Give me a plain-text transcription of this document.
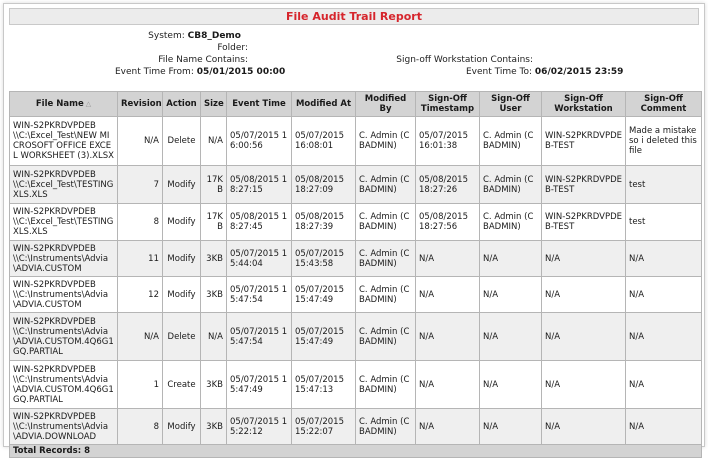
File Audit Trail Report
System: CB8_Demo
Folder:
File Name Contains:	Sign-off Workstation Contains:
Event Time From: 05/01/2015 00:00	Event Time To: 06/02/2015 23:59
File Name △	Revision	Action	Size	Event Time	Modified At	Modified By	Sign-Off Timestamp	Sign-Off User	Sign-Off Workstation	Sign-Off Comment
WIN-S2PKRDVPDEB\\C:\Excel_Test\NEW MICROSOFT OFFICE EXCEL WORKSHEET (3).XLSX	N/A	Delete	N/A	05/07/2015 16:00:56	05/07/2015 16:08:01	C. Admin (CBADMIN)	05/07/2015 16:01:38	C. Admin (CBADMIN)	WIN-S2PKRDVPDEB-TEST	Made a mistake so i deleted this file
WIN-S2PKRDVPDEB\\C:\Excel_Test\TESTING XLS.XLS	7	Modify	17KB	05/08/2015 18:27:15	05/08/2015 18:27:09	C. Admin (CBADMIN)	05/08/2015 18:27:26	C. Admin (CBADMIN)	WIN-S2PKRDVPDEB-TEST	test
WIN-S2PKRDVPDEB\\C:\Excel_Test\TESTING XLS.XLS	8	Modify	17KB	05/08/2015 18:27:45	05/08/2015 18:27:39	C. Admin (CBADMIN)	05/08/2015 18:27:56	C. Admin (CBADMIN)	WIN-S2PKRDVPDEB-TEST	test
WIN-S2PKRDVPDEB\\C:\Instruments\Advia\ADVIA.CUSTOM	11	Modify	3KB	05/07/2015 15:44:04	05/07/2015 15:43:58	C. Admin (CBADMIN)	N/A	N/A	N/A	N/A
WIN-S2PKRDVPDEB\\C:\Instruments\Advia\ADVIA.CUSTOM	12	Modify	3KB	05/07/2015 15:47:54	05/07/2015 15:47:49	C. Admin (CBADMIN)	N/A	N/A	N/A	N/A
WIN-S2PKRDVPDEB\\C:\Instruments\Advia\ADVIA.CUSTOM.4Q6G1GQ.PARTIAL	N/A	Delete	N/A	05/07/2015 15:47:54	05/07/2015 15:47:49	C. Admin (CBADMIN)	N/A	N/A	N/A	N/A
WIN-S2PKRDVPDEB\\C:\Instruments\Advia\ADVIA.CUSTOM.4Q6G1GQ.PARTIAL	1	Create	3KB	05/07/2015 15:47:49	05/07/2015 15:47:13	C. Admin (CBADMIN)	N/A	N/A	N/A	N/A
WIN-S2PKRDVPDEB\\C:\Instruments\Advia\ADVIA.DOWNLOAD	8	Modify	3KB	05/07/2015 15:22:12	05/07/2015 15:22:07	C. Admin (CBADMIN)	N/A	N/A	N/A	N/A
Total Records: 8										
